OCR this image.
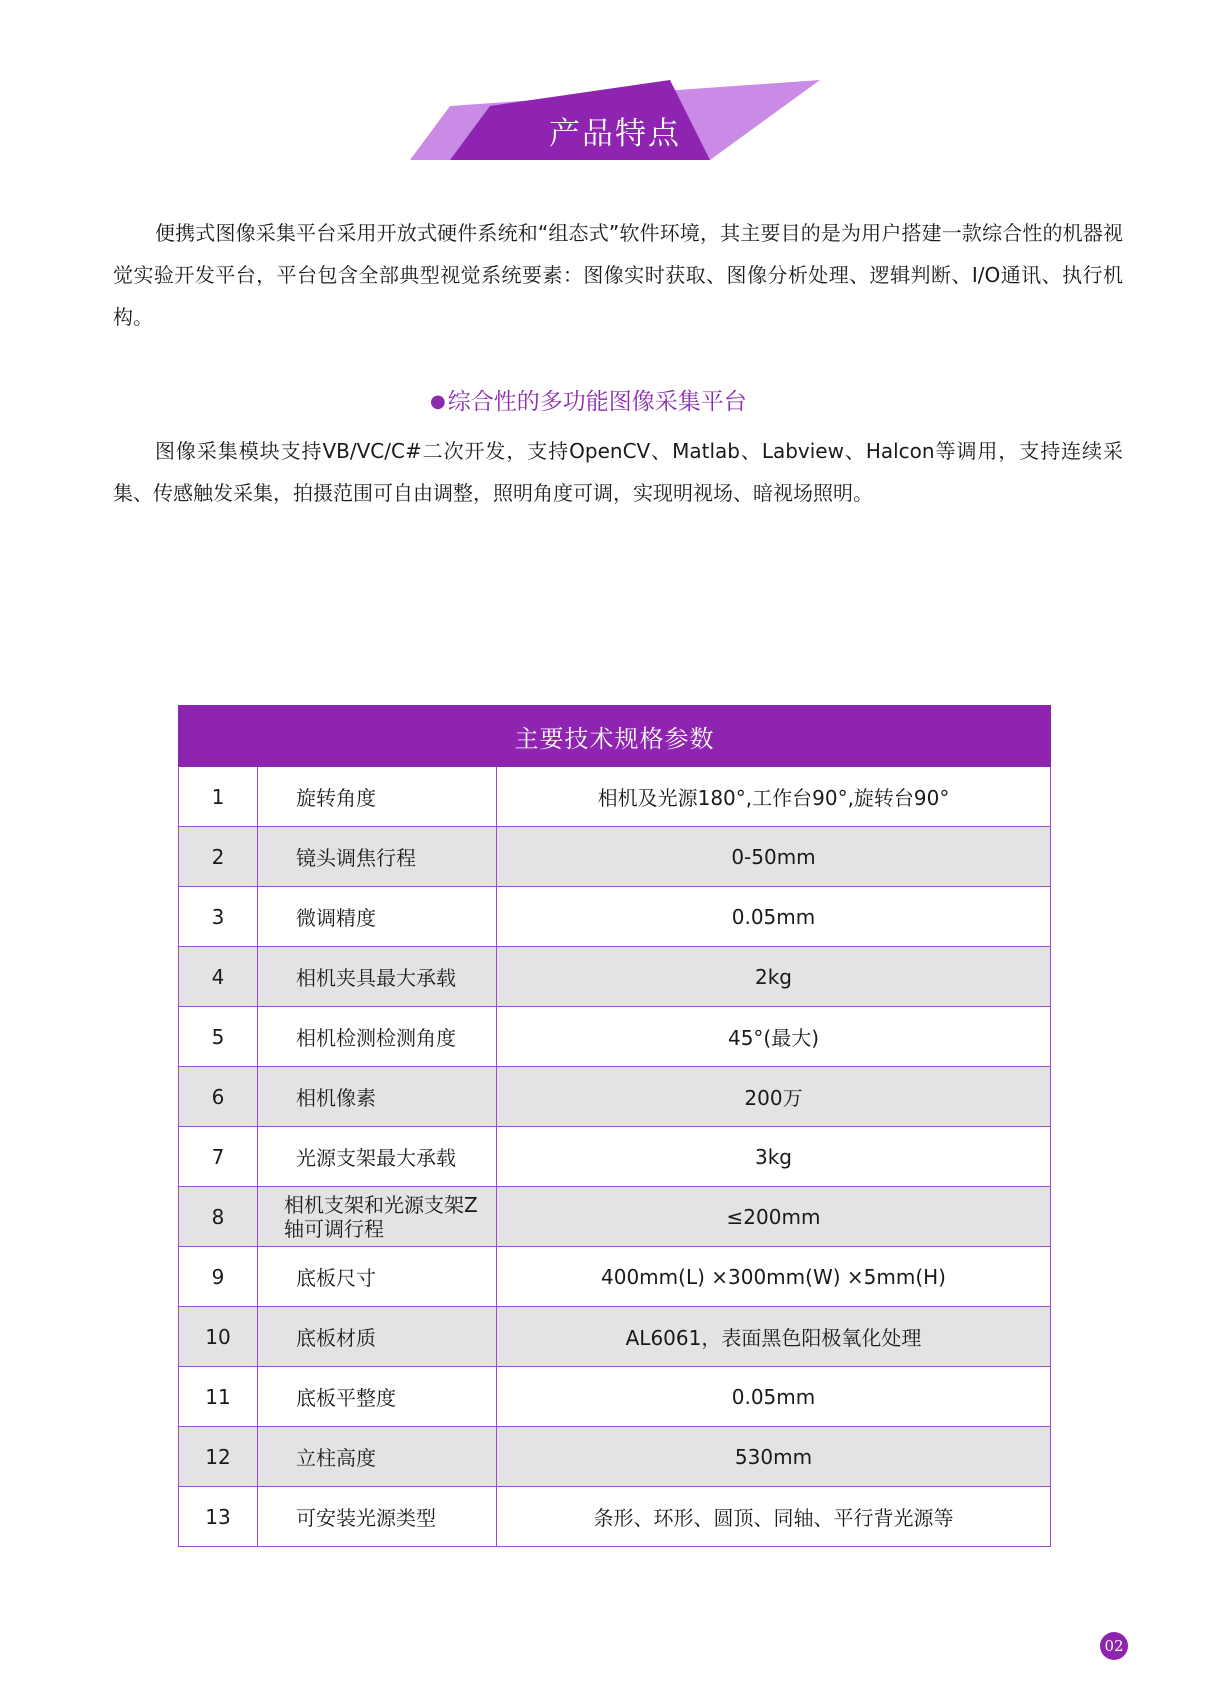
产品特点

便携式图像采集平台采用开放式硬件系统和“组态式”软件环境，其主要目的是为用户搭建一款综合性的机器视觉实验开发平台，平台包含全部典型视觉系统要素：图像实时获取、图像分析处理、逻辑判断、I/O通讯、执行机构。

●综合性的多功能图像采集平台

图像采集模块支持VB/VC/C#二次开发，支持OpenCV、Matlab、Labview、Halcon等调用，支持连续采集、传感触发采集，拍摄范围可自由调整，照明角度可调，实现明视场、暗视场照明。

主要技术规格参数		
1	旋转角度	相机及光源180°,工作台90°,旋转台90°
2	镜头调焦行程	0-50mm
3	微调精度	0.05mm
4	相机夹具最大承载	2kg
5	相机检测检测角度	45°(最大)
6	相机像素	200万
7	光源支架最大承载	3kg
8	相机支架和光源支架Z轴可调行程	≤200mm
9	底板尺寸	400mm(L) ×300mm(W) ×5mm(H)
10	底板材质	AL6061，表面黑色阳极氧化处理
11	底板平整度	0.05mm
12	立柱高度	530mm
13	可安装光源类型	条形、环形、圆顶、同轴、平行背光源等
02
